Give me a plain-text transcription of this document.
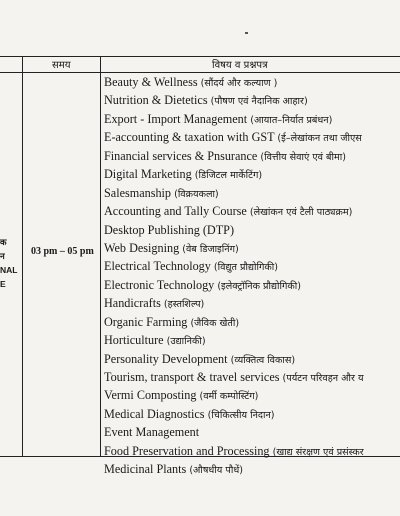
समय	विषय व प्रश्नपत्र
क
न
NAL
E
03 pm – 05 pm
Beauty & Wellness (सौंदर्य और कल्याण )
Nutrition & Dietetics (पौषण एवं नैदानिक आहार)
Export - Import Management (आयात–निर्यात प्रबंधन)
E-accounting & taxation with GST (ई–लेखांकन तथा जीएस
Financial services & Pnsurance (वित्तीय सेवाएं एवं बीमा)
Digital Marketing (डिजिटल मार्केटिंग)
Salesmanship (विक्रयकला)
Accounting and Tally Course (लेखांकन एवं टैली पाठ्यक्रम)
Desktop Publishing (DTP)
Web Designing (वेब डिजाइनिंग)
Electrical Technology (विद्युत प्रौद्योगिकी)
Electronic Technology (इलेक्ट्रॉनिक प्रौद्योगिकी)
Handicrafts (हस्तशिल्प)
Organic Farming (जैविक खेती)
Horticulture (उद्यानिकी)
Personality Development (व्यक्तित्व विकास)
Tourism, transport & travel services (पर्यटन परिवहन और य
Vermi Composting (वर्मी कम्पोस्टिंग)
Medical Diagnostics (चिकित्सीय निदान)
Event Management
Food Preservation and Processing (खाद्य संरक्षण एवं प्रसंस्कर
Medicinal Plants (औषधीय पौधें)
